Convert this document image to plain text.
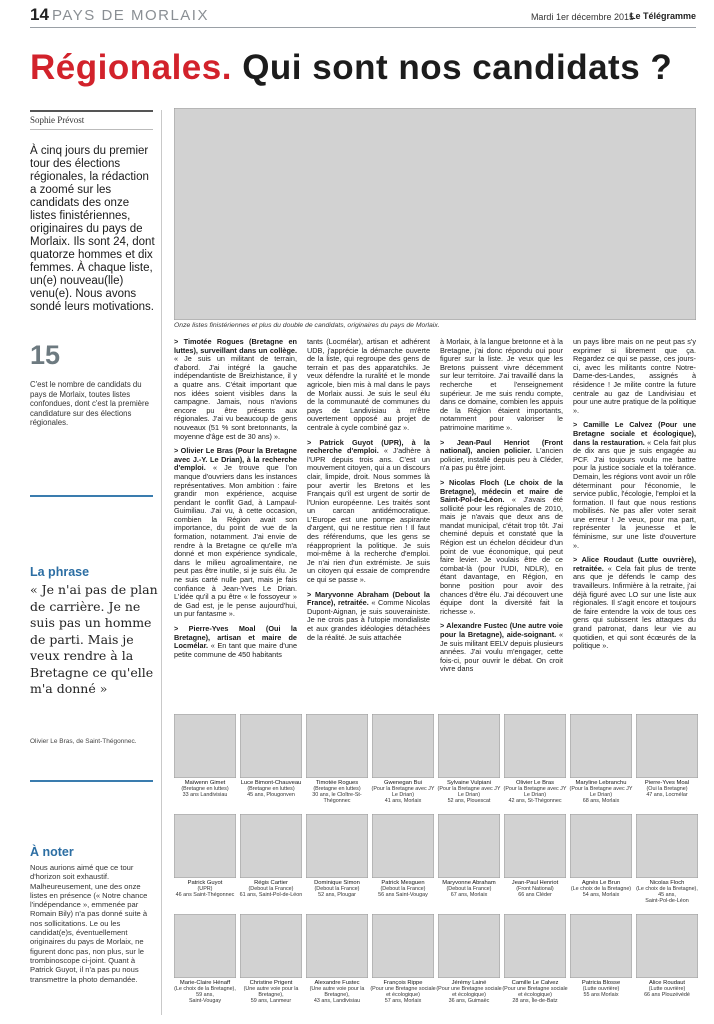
14 PAYS DE MORLAIX	Mardi 1er décembre 2015
Le Télégramme
Régionales. Qui sont nos candidats ?
Sophie Prévost
À cinq jours du premier tour des élections régionales, la rédaction a zoomé sur les candidats des onze listes finistériennes, originaires du pays de Morlaix. Ils sont 24, dont quatorze hommes et dix femmes. À chaque liste, un(e) nouveau(lle) venu(e). Nous avons sondé leurs motivations.
15
C'est le nombre de candidats du pays de Morlaix, toutes listes confondues, dont c'est la première candidature sur des élections régionales.
La phrase
« Je n'ai pas de plan de carrière. Je ne suis pas un homme de parti. Mais je veux rendre à la Bretagne ce qu'elle m'a donné »
Olivier Le Bras, de Saint-Thégonnec.
À noter
Nous aurions aimé que ce tour d'horizon soit exhaustif. Malheureusement, une des onze listes en présence (« Notre chance l'indépendance », emmenée par Romain Bily) n'a pas donné suite à nos sollicitations. Le ou les candidat(e)s, éventuellement originaires du pays de Morlaix, ne figurent donc pas, non plus, sur le trombinoscope ci-joint. Quant à Patrick Guyot, il n'a pas pu nous transmettre la photo demandée.
Onze listes finistériennes et plus du double de candidats, originaires du pays de Morlaix.
> Timotée Rogues (Bretagne en luttes), surveillant dans un collège. « Je suis un militant de terrain, d'abord. J'ai intégré la gauche indépendantiste de Breizhistance, il y a quatre ans. C'était important que nos idées soient visibles dans la campagne. Jamais, nous n'avions encore pu être présents aux régionales. J'ai vu beaucoup de gens nouveaux (51 % sont bretonnants, la moyenne d'âge est de 30 ans) ».
> Olivier Le Bras (Pour la Bretagne avec J.-Y. Le Drian), à la recherche d'emploi. « Je trouve que l'on manque d'ouvriers dans les instances représentatives. Mon ambition : faire grandir mon expérience, acquise pendant le conflit Gad, à Lampaul-Guimiliau. J'ai vu, à cette occasion, combien la Région avait son importance, du point de vue de la formation, notamment. J'ai envie de rendre à la Bretagne ce qu'elle m'a donné et mon expérience syndicale, dans le milieu agroalimentaire, ne peut pas être inutile, si je suis élu. Je ne suis carté nulle part, mais je fais confiance à Jean-Yves Le Drian. L'idée qu'il a pu être « le fossoyeur » de Gad est, je le pense aujourd'hui, un pur fantasme ».
> Pierre-Yves Moal (Oui la Bretagne), artisan et maire de Locmélar. « En tant que maire d'une petite commune de 450 habitants
tants (Locmélar), artisan et adhérent UDB, j'apprécie la démarche ouverte de la liste, qui regroupe des gens de terrain et pas des apparatchiks. Je veux défendre la ruralité et le monde agricole, bien mis à mal dans le pays de Morlaix aussi. Je suis le seul élu de la communauté de communes du pays de Landivisiau à m'être ouvertement opposé au projet de centrale à cycle combiné gaz ».
> Patrick Guyot (UPR), à la recherche d'emploi. « J'adhère à l'UPR depuis trois ans. C'est un mouvement citoyen, qui a un discours clair, limpide, droit. Nous sommes là pour avertir les Bretons et les Français qu'il est urgent de sortir de l'Union européenne. Les traités sont un carcan antidémocratique. L'Europe est une pompe aspirante d'argent, qui ne restitue rien ! Il faut des référendums, que les gens se réapproprient la politique. Je suis moi-même à la recherche d'emploi. Je n'ai rien d'un extrémiste. Je suis un citoyen qui essaie de comprendre ce qui se passe ».
> Maryvonne Abraham (Debout la France), retraitée. « Comme Nicolas Dupont-Aignan, je suis souverainiste. Je ne crois pas à l'utopie mondialiste et aux grandes idéologies détachées de la réalité. Je suis attachée
à Morlaix, à la langue bretonne et à la Bretagne, j'ai donc répondu oui pour figurer sur la liste. Je veux que les Bretons puissent vivre décemment sur leur territoire. J'ai travaillé dans la recherche et l'enseignement supérieur. Je me suis rendu compte, dans ce domaine, combien les appuis de la Région étaient importants, notamment pour valoriser le patrimoine maritime ».
> Jean-Paul Henriot (Front national), ancien policier. L'ancien policier, installé depuis peu à Cléder, n'a pas pu être joint.
> Nicolas Floch (Le choix de la Bretagne), médecin et maire de Saint-Pol-de-Léon. « J'avais été sollicité pour les régionales de 2010, mais je n'avais que deux ans de mandat municipal, c'était trop tôt. J'ai cheminé depuis et constaté que la Région est un échelon décideur d'un point de vue économique, qui peut faire levier. Je voulais être de ce combat-là (pour l'UDI, NDLR), en étant davantage, en Région, en bonne position pour avoir des chances d'être élu. J'ai découvert une équipe dont la diversité fait la richesse ».
> Alexandre Fustec (Une autre voie pour la Bretagne), aide-soignant. « Je suis militant EELV depuis plusieurs années. J'ai voulu m'engager, cette fois-ci, pour ouvrir le débat. On croit vivre dans
un pays libre mais on ne peut pas s'y exprimer si librement que ça. Regardez ce qui se passe, ces jours-ci, avec les militants contre Notre-Dame-des-Landes, assignés à résidence ! Je milite contre la future centrale au gaz de Landivisiau et pour une autre pratique de la politique ».
> Camille Le Calvez (Pour une Bretagne sociale et écologique), dans la restauration. « Cela fait plus de dix ans que je suis engagée au PCF. J'ai toujours voulu me battre pour la justice sociale et la tolérance. Demain, les régions vont avoir un rôle déterminant pour l'économie, le service public, l'écologie, l'emploi et la formation. Il faut que nous restions mobilisés. Ne pas aller voter serait une erreur ! Je veux, pour ma part, représenter la jeunesse et le féminisme, sur une liste d'ouverture ».
> Alice Roudaut (Lutte ouvrière), retraitée. « Cela fait plus de trente ans que je défends le camp des travailleurs. Infirmière à la retraite, j'ai déjà figuré avec LO sur une liste aux régionales. Il s'agit encore et toujours de faire entendre la voix de tous ces gens qui subissent les attaques du grand patronat, dans leur vie au quotidien, et qui sont écœurés de la politique ».
Maïwenn Gimet
(Bretagne en luttes)
33 ans Landivisiau
Luce Bimont-Chauveau
(Bretagne en luttes)
45 ans, Plougonven
Timotée Rogues
(Bretagne en luttes)
30 ans, le Cloître-St-Thégonnec
Gwenegan Bui
(Pour la Bretagne avec JY Le Drian)
41 ans, Morlaix
Sylvaine Vulpiani
(Pour la Bretagne avec JY Le Drian)
52 ans, Plouescat
Olivier Le Bras
(Pour la Bretagne avec JY Le Drian)
42 ans, St-Thégonnec
Maryline Lebranchu
(Pour la Bretagne avec JY Le Drian)
68 ans, Morlaix
Pierre-Yves Moal
(Oui la Bretagne)
47 ans, Locmélar
Patrick Guyot
(UPR)
46 ans Saint-Thégonnec
Régis Cartier
(Debout la France)
61 ans, Saint-Pol-de-Léon
Dominique Simon
(Debout la France)
52 ans, Plougar
Patrick Mesguen
(Debout la France)
56 ans Saint-Vougay
Maryvonne Abraham
(Debout la France)
67 ans, Morlaix
Jean-Paul Henriot
(Front National)
66 ans Cléder
Agnès Le Brun
(Le choix de la Bretagne)
54 ans, Morlaix
Nicolas Floch
(Le choix de la Bretagne), 45 ans,
Saint-Pol-de-Léon
Marie-Claire Hénaff
(Le choix de la Bretagne), 59 ans,
Saint-Vougay
Christine Prigent
(Une autre voie pour la Bretagne),
59 ans, Lanmeur
Alexandre Fustec
(Une autre voie pour la Bretagne),
43 ans, Landivisiau
François Rippe
(Pour une Bretagne sociale et écologique)
57 ans, Morlaix
Jérémy Lainé
(Pour une Bretagne sociale et écologique)
36 ans, Guimaëc
Camille Le Calvez
(Pour une Bretagne sociale et écologique)
28 ans, Île-de-Batz
Patricia Blosse
(Lutte ouvrière)
55 ans Morlaix
Alice Roudaut
(Lutte ouvrière)
66 ans Plouzévédé
